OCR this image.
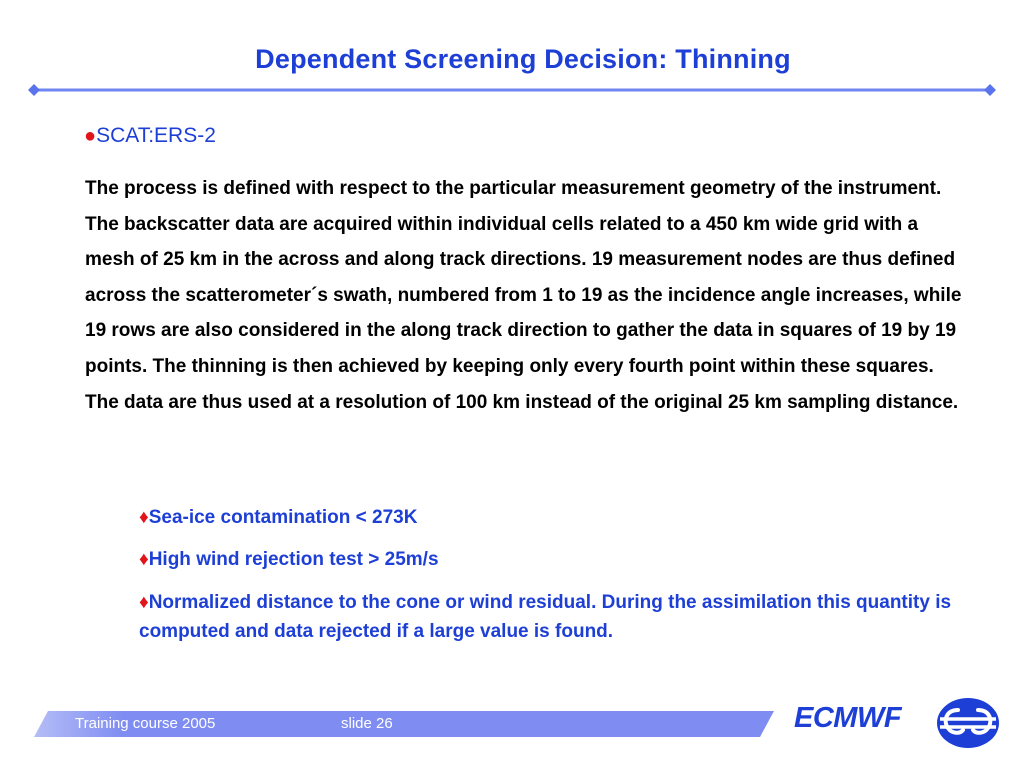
Dependent Screening Decision: Thinning
●SCAT:ERS-2

The process is defined with respect to the particular measurement geometry of the instrument. The backscatter data are acquired within individual cells related to a 450 km wide grid with a mesh of 25 km in the across and along track directions. 19 measurement nodes are thus defined across the scatterometer´s swath, numbered from 1 to 19 as the incidence angle increases, while 19 rows are also considered in the along track direction to gather the data in squares of 19 by 19 points. The thinning is then achieved by keeping only every fourth point within these squares. The data are thus used at a resolution of 100 km instead of the original 25 km sampling distance.

♦Sea-ice contamination < 273K

♦High wind rejection test > 25m/s

♦Normalized distance to the cone or wind residual. During the assimilation this quantity is computed and data rejected if a large value is found.

Training course 2005	slide 26	ECMWF
